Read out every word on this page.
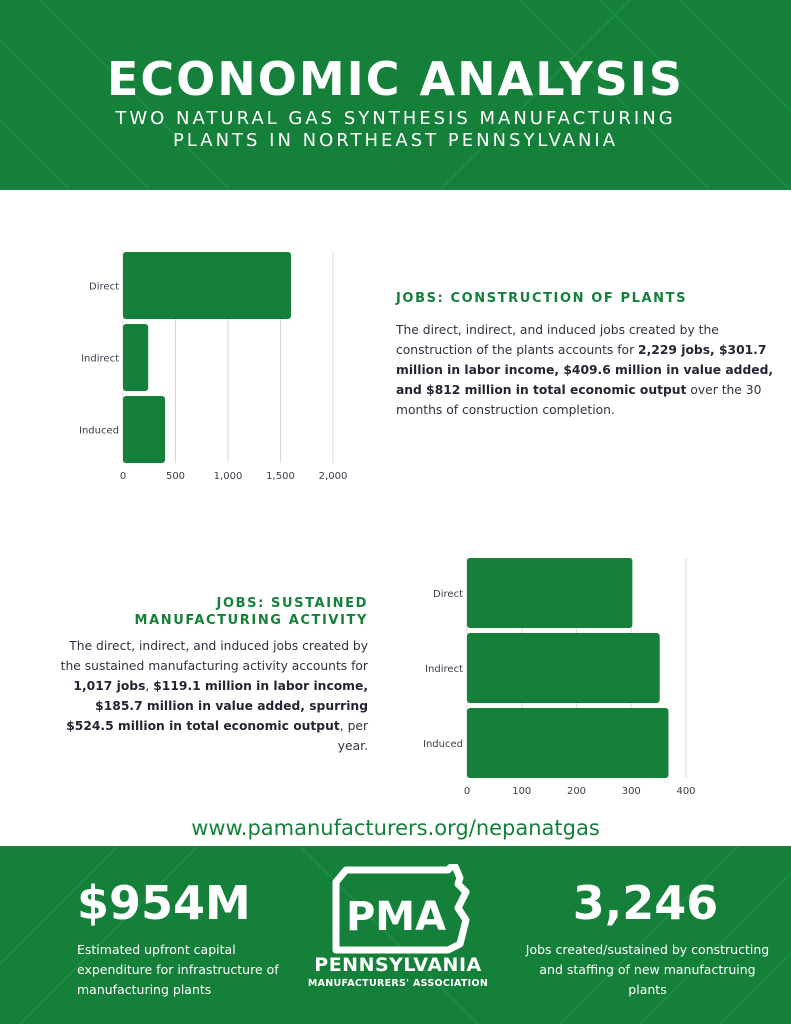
ECONOMIC ANALYSIS
TWO NATURAL GAS SYNTHESIS MANUFACTURING
PLANTS IN NORTHEAST PENNSYLVANIA
0	500	1,000 1,500 2,000
Direct
Indirect
Induced
JOBS: CONSTRUCTION OF PLANTS
The direct, indirect, and induced jobs created by the construction of the plants accounts for 2,229 jobs, $301.7 million in labor income, $409.6 million in value added, and $812 million in total economic output over the 30 months of construction completion.
JOBS: SUSTAINED MANUFACTURING ACTIVITY
The direct, indirect, and induced jobs created by the sustained manufacturing activity accounts for 1,017 jobs, $119.1 million in labor income, $185.7 million in value added, spurring $524.5 million in total economic output, per year.
0	100	200	300	400
Direct
Indirect
Induced
www.pamanufacturers.org/nepanatgas
$954M
Estimated upfront capital expenditure for infrastructure of manufacturing plants
PMA
PENNSYLVANIA
MANUFACTURERS' ASSOCIATION
3,246
Jobs created/sustained by constructing and staffing of new manufactruing plants
